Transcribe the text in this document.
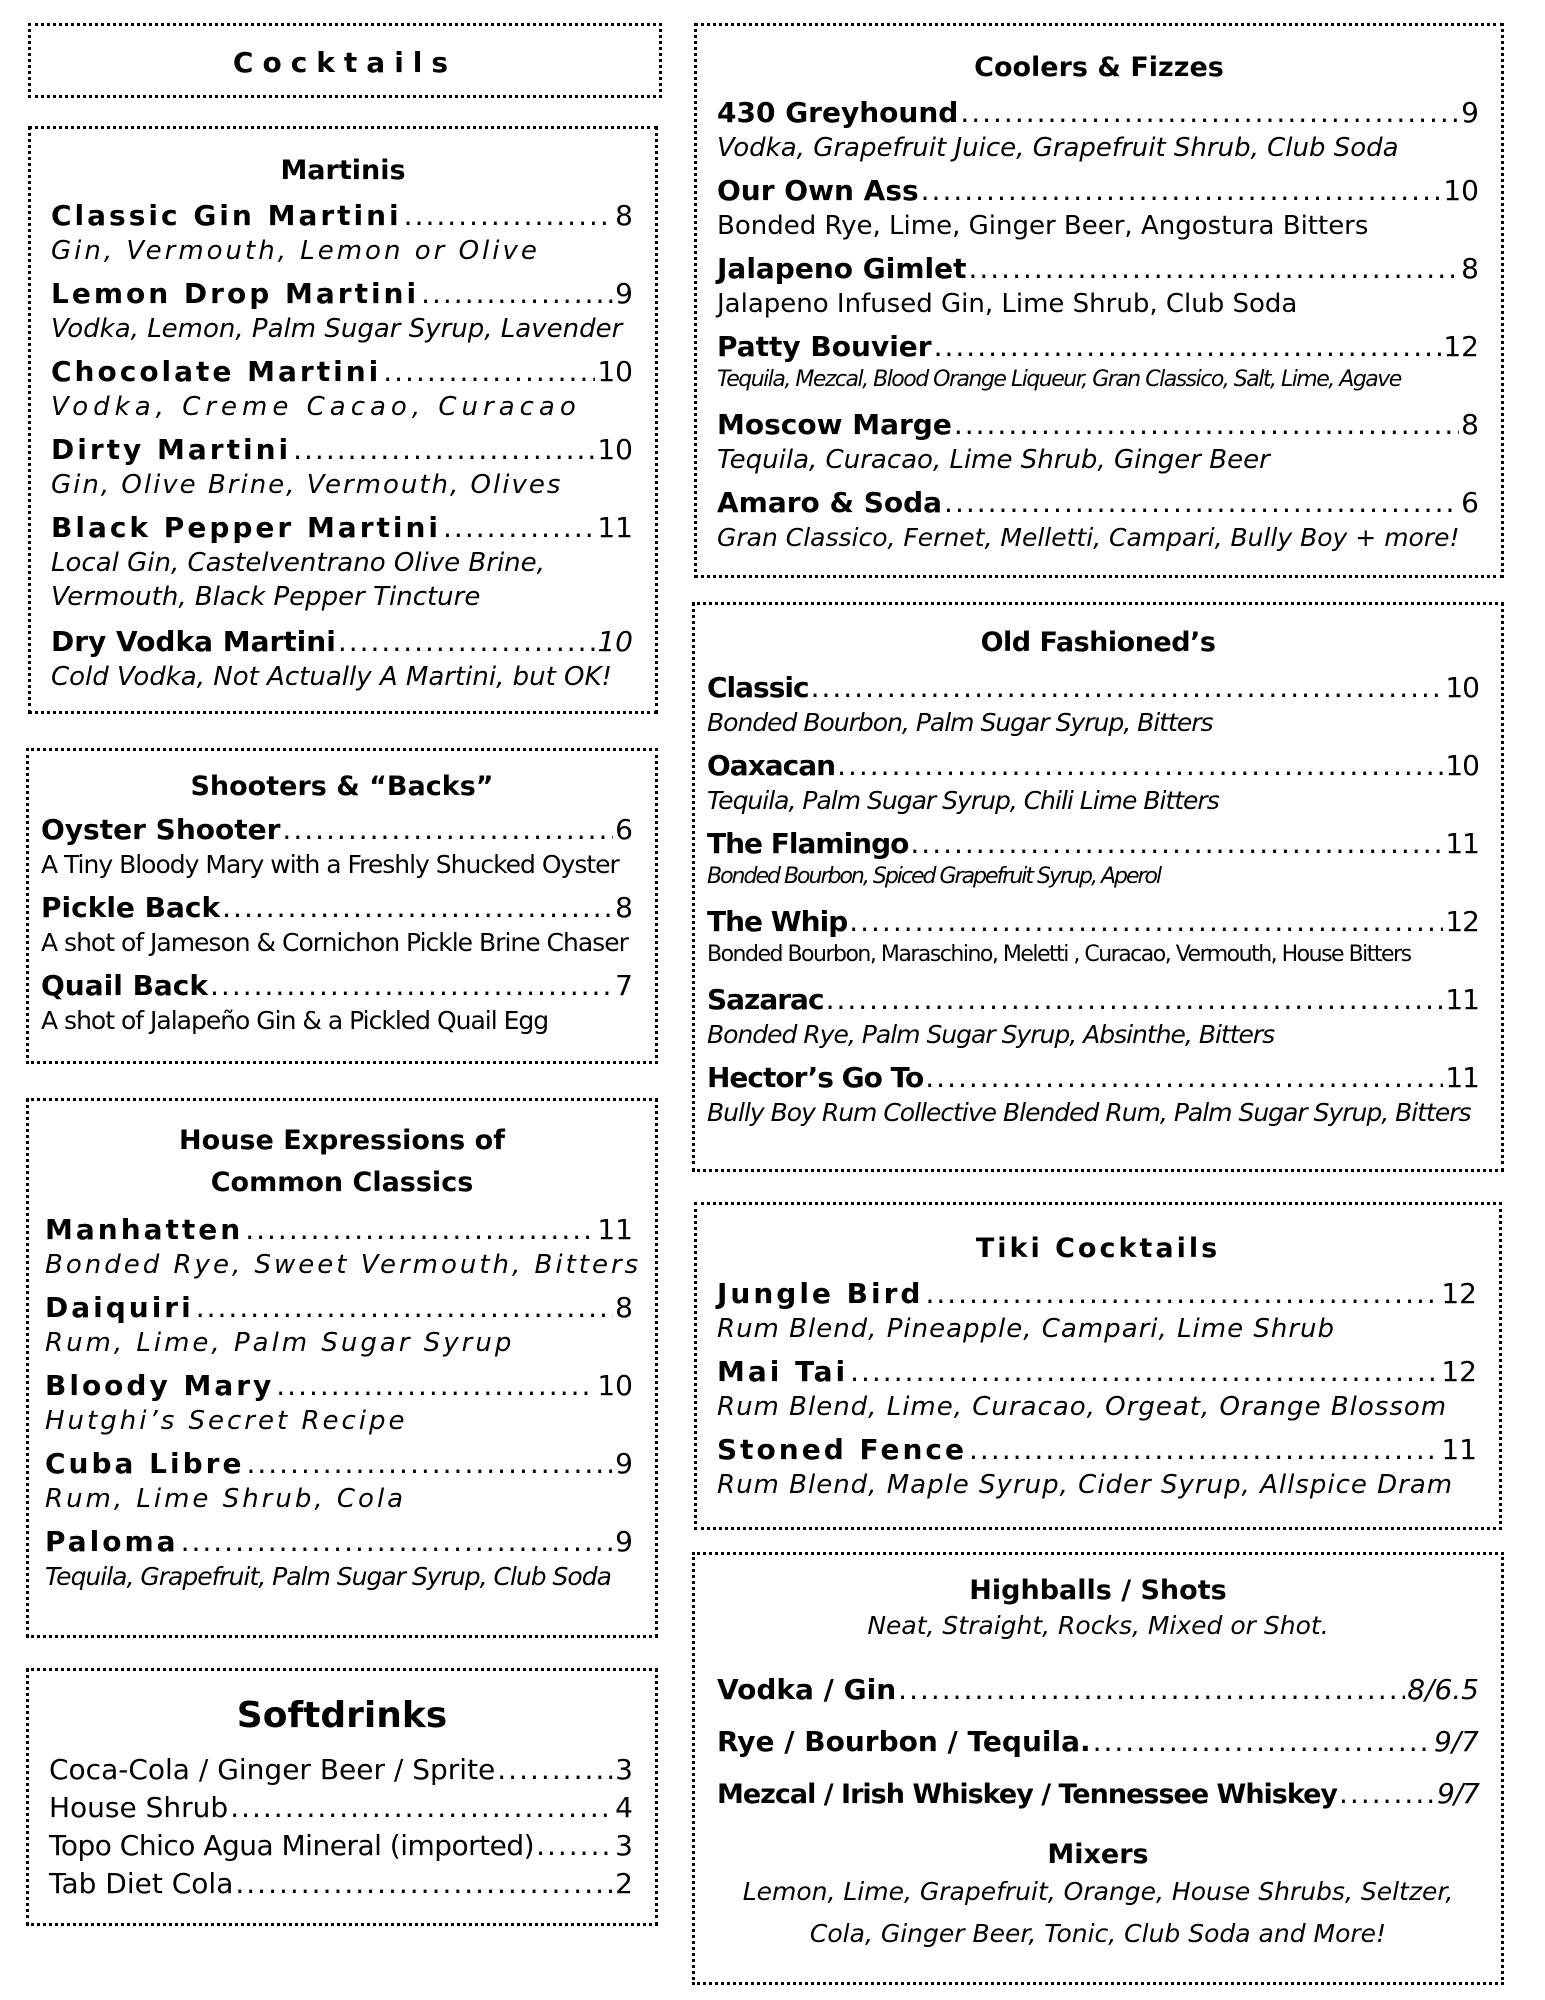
Cocktails
Martinis
Classic Gin Martini .....	8
Gin, Vermouth, Lemon or Olive
Lemon Drop Martini .....	9
Vodka, Lemon, Palm Sugar Syrup, Lavender
Chocolate Martini .....	10
Vodka, Creme Cacao, Curacao
Dirty Martini .....	10
Gin, Olive Brine, Vermouth, Olives
Black Pepper Martini .....	11
Local Gin, Castelventrano Olive Brine,
Vermouth, Black Pepper Tincture
Dry Vodka Martini .....	10
Cold Vodka, Not Actually A Martini, but OK!
Shooters & “Backs”
Oyster Shooter .....	6
A Tiny Bloody Mary with a Freshly Shucked Oyster
Pickle Back .....	8
A shot of Jameson & Cornichon Pickle Brine Chaser
Quail Back .....	7
A shot of Jalapeño Gin & a Pickled Quail Egg
House Expressions of
Common Classics
Manhatten .....	11
Bonded Rye, Sweet Vermouth, Bitters
Daiquiri .....	8
Rum, Lime, Palm Sugar Syrup
Bloody Mary .....	10
Hutghi’s Secret Recipe
Cuba Libre .....	9
Rum, Lime Shrub, Cola
Paloma .....	9
Tequila, Grapefruit, Palm Sugar Syrup, Club Soda
Softdrinks
Coca-Cola / Ginger Beer / Sprite .....	3
House Shrub .....	4
Topo Chico Agua Mineral (imported) .....	3
Tab Diet Cola .....	2
Coolers & Fizzes
430 Greyhound .....	9
Vodka, Grapefruit Juice, Grapefruit Shrub, Club Soda
Our Own Ass .....	10
Bonded Rye, Lime, Ginger Beer, Angostura Bitters
Jalapeno Gimlet .....	8
Jalapeno Infused Gin, Lime Shrub, Club Soda
Patty Bouvier .....	12
Tequila, Mezcal, Blood Orange Liqueur, Gran Classico, Salt, Lime, Agave
Moscow Marge .....	8
Tequila, Curacao, Lime Shrub, Ginger Beer
Amaro & Soda .....	6
Gran Classico, Fernet, Melletti, Campari, Bully Boy + more!
Old Fashioned’s
Classic .....	10
Bonded Bourbon, Palm Sugar Syrup, Bitters
Oaxacan .....	10
Tequila, Palm Sugar Syrup, Chili Lime Bitters
The Flamingo .....	11
Bonded Bourbon, Spiced Grapefruit Syrup, Aperol
The Whip .....	12
Bonded Bourbon, Maraschino, Meletti , Curacao, Vermouth, House Bitters
Sazarac .....	11
Bonded Rye, Palm Sugar Syrup, Absinthe, Bitters
Hector’s Go To .....	11
Bully Boy Rum Collective Blended Rum, Palm Sugar Syrup, Bitters
Tiki Cocktails
Jungle Bird .....	12
Rum Blend, Pineapple, Campari, Lime Shrub
Mai Tai .....	12
Rum Blend, Lime, Curacao, Orgeat, Orange Blossom
Stoned Fence .....	11
Rum Blend, Maple Syrup, Cider Syrup, Allspice Dram
Highballs / Shots
Neat, Straight, Rocks, Mixed or Shot.
Vodka / Gin .....	8/6.5
Rye / Bourbon / Tequila. .....	9/7
Mezcal / Irish Whiskey / Tennessee Whiskey .....	9/7
Mixers
Lemon, Lime, Grapefruit, Orange, House Shrubs, Seltzer,
Cola, Ginger Beer, Tonic, Club Soda and More!
